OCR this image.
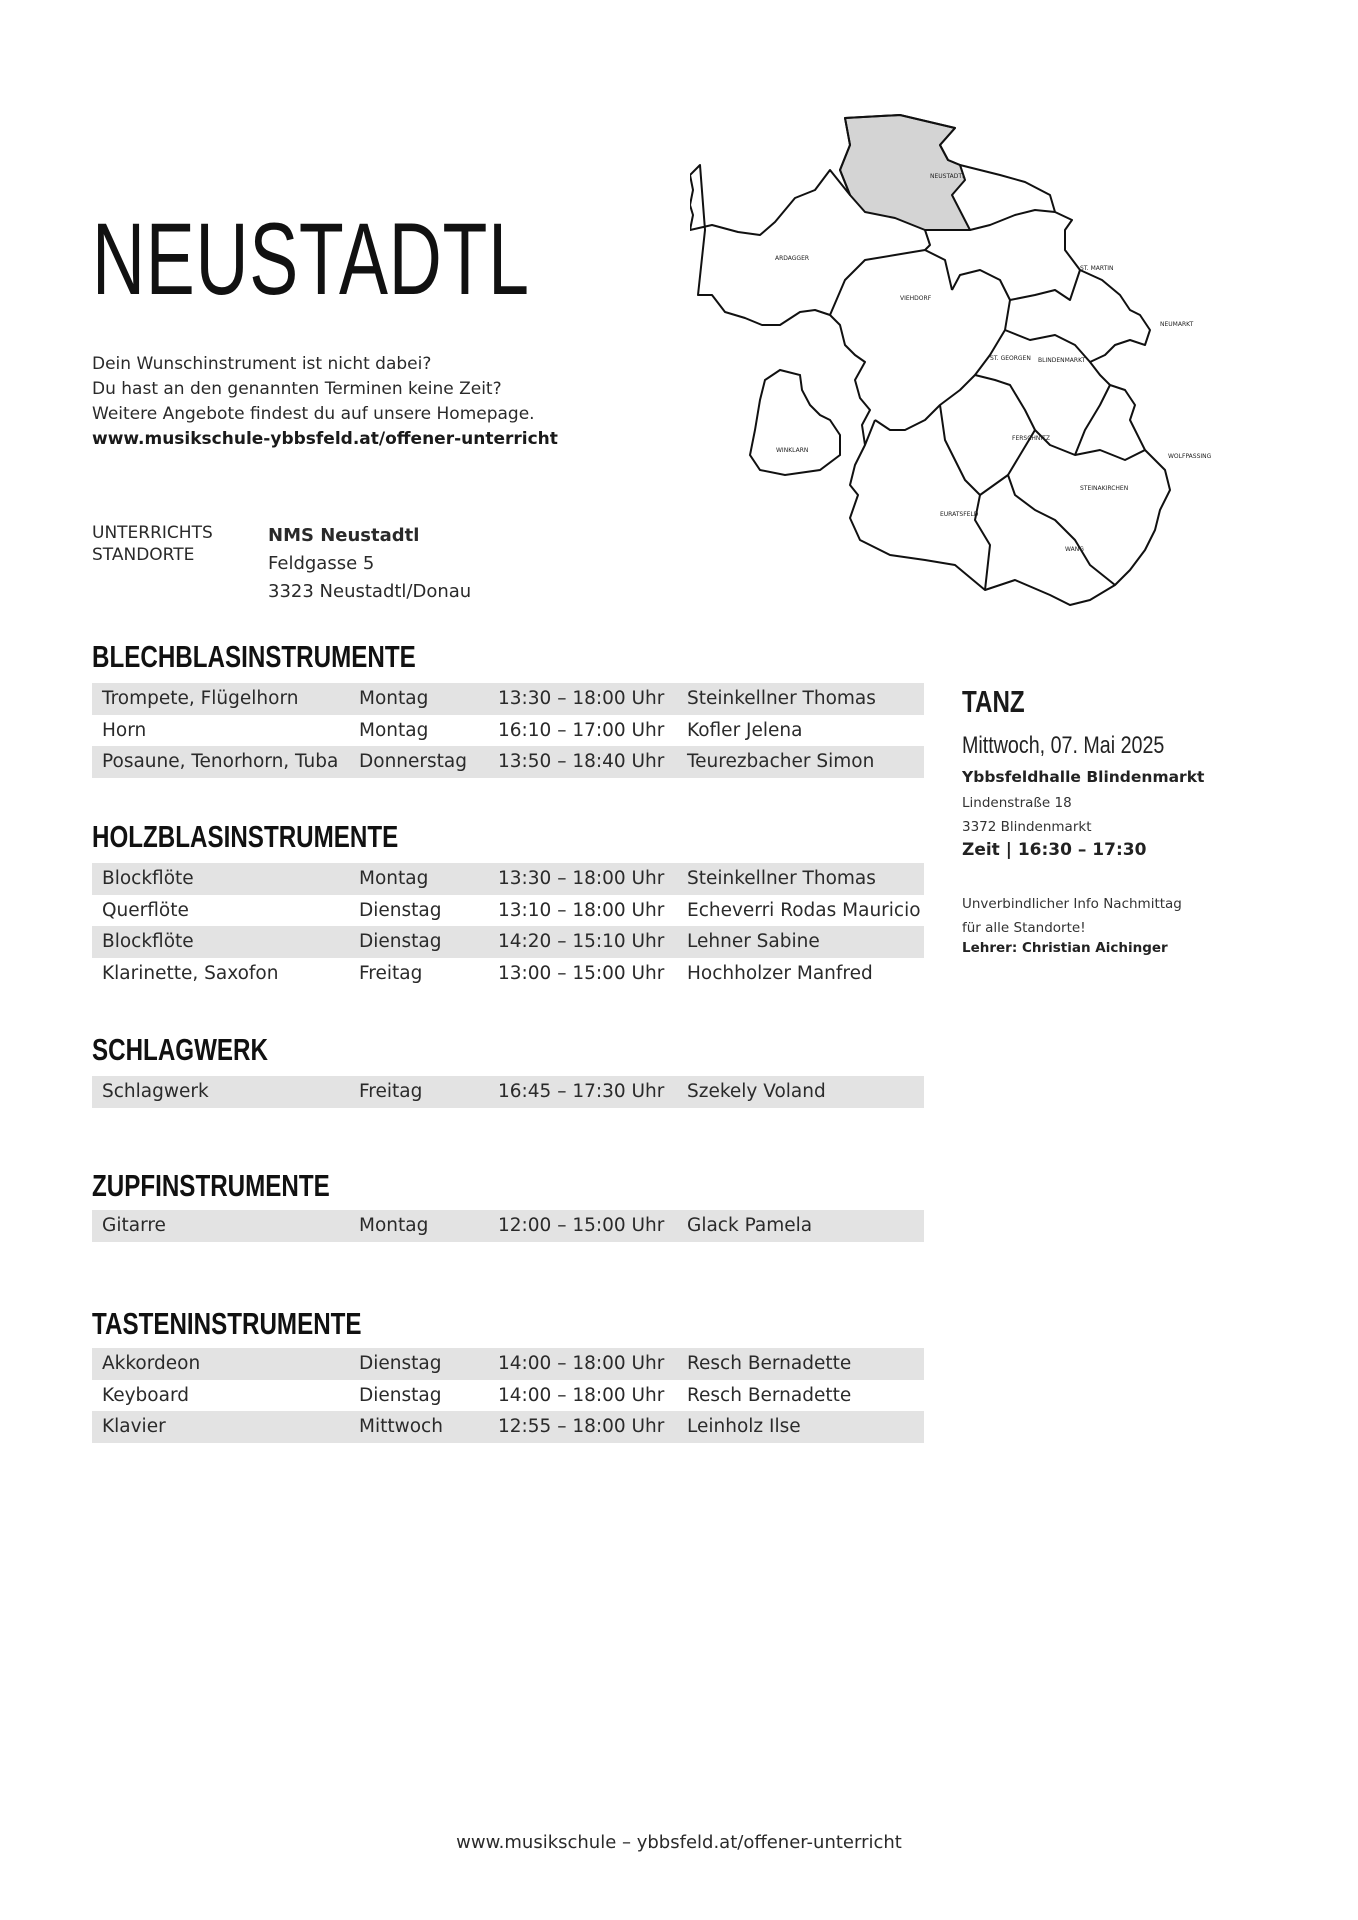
NEUSTADTL
Dein Wunschinstrument ist nicht dabei?
Du hast an den genannten Terminen keine Zeit?
Weitere Angebote findest du auf unsere Homepage.
www.musikschule-ybbsfeld.at/offener-unterricht
UNTERRICHTS
STANDORTE
NMS Neustadtl
Feldgasse 5
3323 Neustadtl/Donau
NEUSTADTL
ARDAGGER
VIEHDORF
ST. MARTIN
NEUMARKT
ST. GEORGEN BLINDENMARKT
WINKLARN
FERSCHNITZ
WOLFPASSING
STEINAKIRCHEN
EURATSFELD
WANG
BLECHBLASINSTRUMENTE
Trompete, Flügelhorn	Montag	13:30 – 18:00 Uhr Steinkellner Thomas
Horn	Montag	16:10 – 17:00 Uhr Kofler Jelena
Posaune, Tenorhorn, Tuba Donnerstag 13:50 – 18:40 Uhr Teurezbacher Simon
HOLZBLASINSTRUMENTE
Blockflöte	Montag	13:30 – 18:00 Uhr Steinkellner Thomas
Querflöte	Dienstag	13:10 – 18:00 Uhr Echeverri Rodas Mauricio
Blockflöte	Dienstag	14:20 – 15:10 Uhr Lehner Sabine
Klarinette, Saxofon	Freitag	13:00 – 15:00 Uhr Hochholzer Manfred
SCHLAGWERK
Schlagwerk	Freitag	16:45 – 17:30 Uhr Szekely Voland
ZUPFINSTRUMENTE
Gitarre	Montag	12:00 – 15:00 Uhr Glack Pamela
TASTENINSTRUMENTE
Akkordeon	Dienstag	14:00 – 18:00 Uhr Resch Bernadette
Keyboard	Dienstag	14:00 – 18:00 Uhr Resch Bernadette
Klavier	Mittwoch	12:55 – 18:00 Uhr Leinholz Ilse
TANZ
Mittwoch, 07. Mai 2025
Ybbsfeldhalle Blindenmarkt
Lindenstraße 18
3372 Blindenmarkt
Zeit | 16:30 – 17:30
Unverbindlicher Info Nachmittag
für alle Standorte!
Lehrer: Christian Aichinger
www.musikschule – ybbsfeld.at/offener-unterricht
